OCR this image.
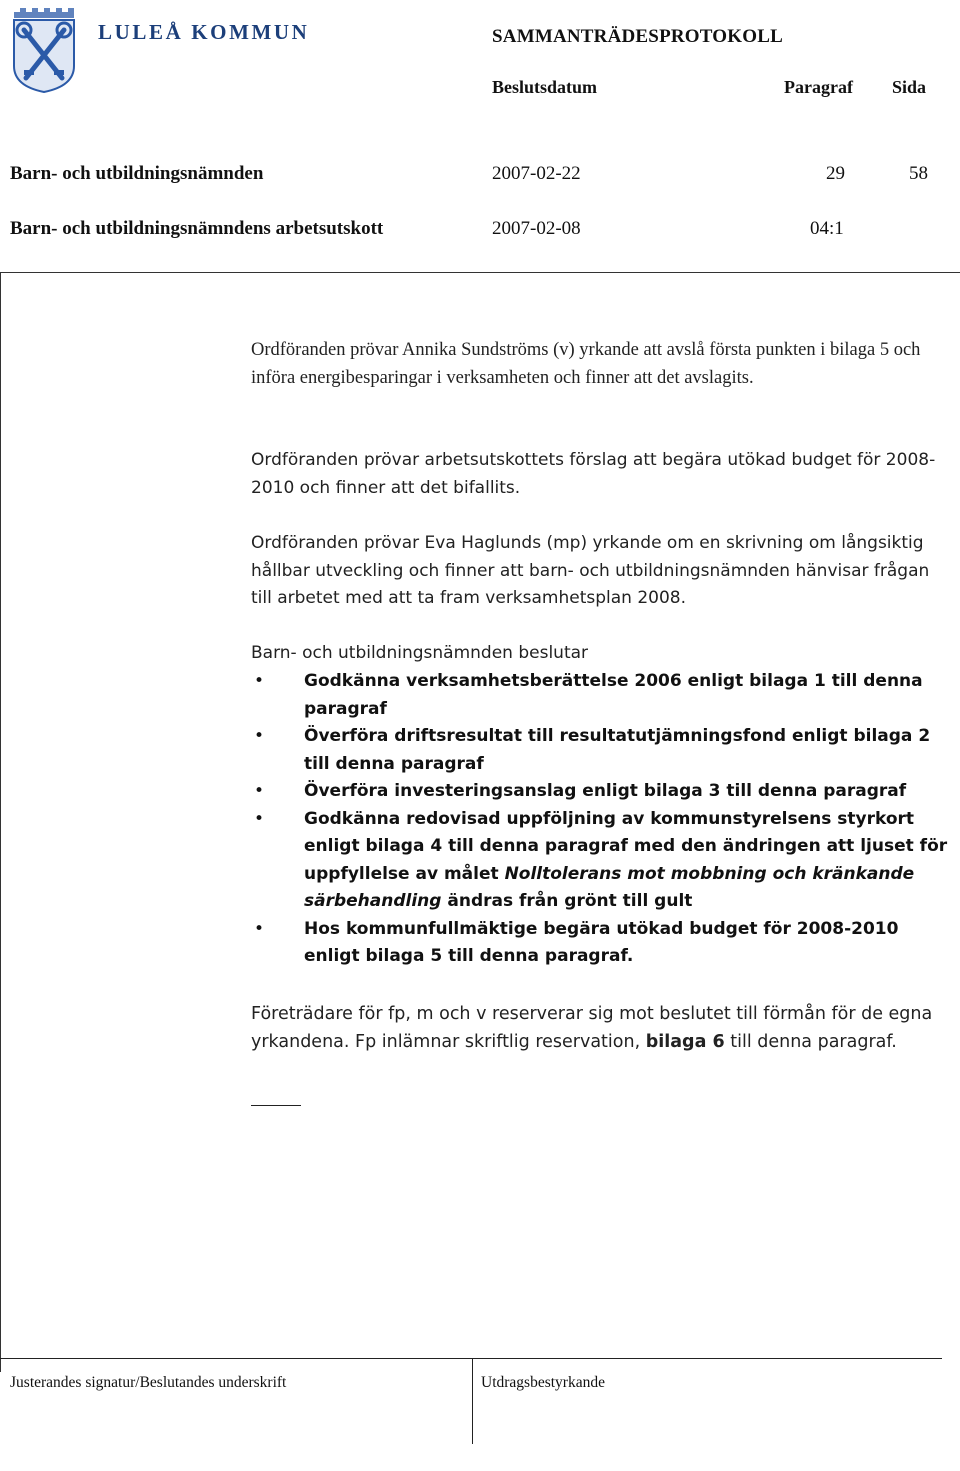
LULEÅ KOMMUN	SAMMANTRÄDESPROTOKOLL
Beslutsdatum	Paragraf Sida
Barn- och utbildningsnämnden	2007-02-22	29	58
Barn- och utbildningsnämndens arbetsutskott	2007-02-08	04:1
Ordföranden prövar Annika Sundströms (v) yrkande att avslå första punkten i bilaga 5 och införa energibesparingar i verksamheten och finner att det avslagits.
Ordföranden prövar arbetsutskottets förslag att begära utökad budget för 2008-2010 och finner att det bifallits.
Ordföranden prövar Eva Haglunds (mp) yrkande om en skrivning om långsiktig hållbar utveckling och finner att barn- och utbildningsnämnden hänvisar frågan till arbetet med att ta fram verksamhetsplan 2008.
Barn- och utbildningsnämnden beslutar
• Godkänna verksamhetsberättelse 2006 enligt bilaga 1 till denna paragraf
• Överföra driftsresultat till resultatutjämningsfond enligt bilaga 2 till denna paragraf
• Överföra investeringsanslag enligt bilaga 3 till denna paragraf
• Godkänna redovisad uppföljning av kommunstyrelsens styrkort enligt bilaga 4 till denna paragraf med den ändringen att ljuset för uppfyllelse av målet Nolltolerans mot mobbning och kränkande särbehandling ändras från grönt till gult
• Hos kommunfullmäktige begära utökad budget för 2008-2010 enligt bilaga 5 till denna paragraf.
Företrädare för fp, m och v reserverar sig mot beslutet till förmån för de egna yrkandena. Fp inlämnar skriftlig reservation, bilaga 6 till denna paragraf.
Justerandes signatur/Beslutandes underskrift	Utdragsbestyrkande
